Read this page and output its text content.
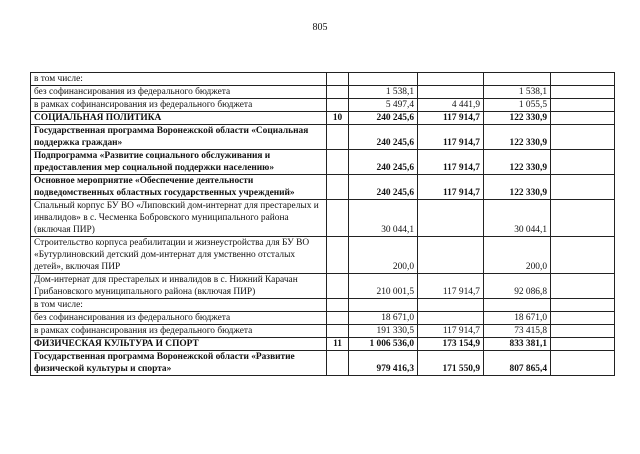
805
в том числе:					
без софинансирования из федерального бюджета		1 538,1		1 538,1	
в рамках софинансирования из федерального бюджета		5 497,4	4 441,9	1 055,5	
СОЦИАЛЬНАЯ ПОЛИТИКА	10	240 245,6	117 914,7	122 330,9	
Государственная программа Воронежской области «Социальная поддержка граждан»		240 245,6	117 914,7	122 330,9	
Подпрограмма «Развитие социального обслуживания и предоставления мер социальной поддержки населению»		240 245,6	117 914,7	122 330,9	
Основное мероприятие «Обеспечение деятельности подведомственных областных государственных учреждений»		240 245,6	117 914,7	122 330,9	
Спальный корпус БУ ВО «Липовский дом-интернат для престарелых и инвалидов» в с. Чесменка Бобровского муниципального района (включая ПИР)		30 044,1		30 044,1	
Строительство корпуса реабилитации и жизнеустройства для БУ ВО «Бутурлиновский детский дом-интернат для умственно отсталых детей», включая ПИР		200,0		200,0	
Дом-интернат для престарелых и инвалидов в с. Нижний Карачан Грибановского муниципального района (включая ПИР)		210 001,5	117 914,7	92 086,8	
в том числе:					
без софинансирования из федерального бюджета		18 671,0		18 671,0	
в рамках софинансирования из федерального бюджета		191 330,5	117 914,7	73 415,8	
ФИЗИЧЕСКАЯ КУЛЬТУРА И СПОРТ	11	1 006 536,0	173 154,9	833 381,1	
Государственная программа Воронежской области «Развитие физической культуры и спорта»		979 416,3	171 550,9	807 865,4	
